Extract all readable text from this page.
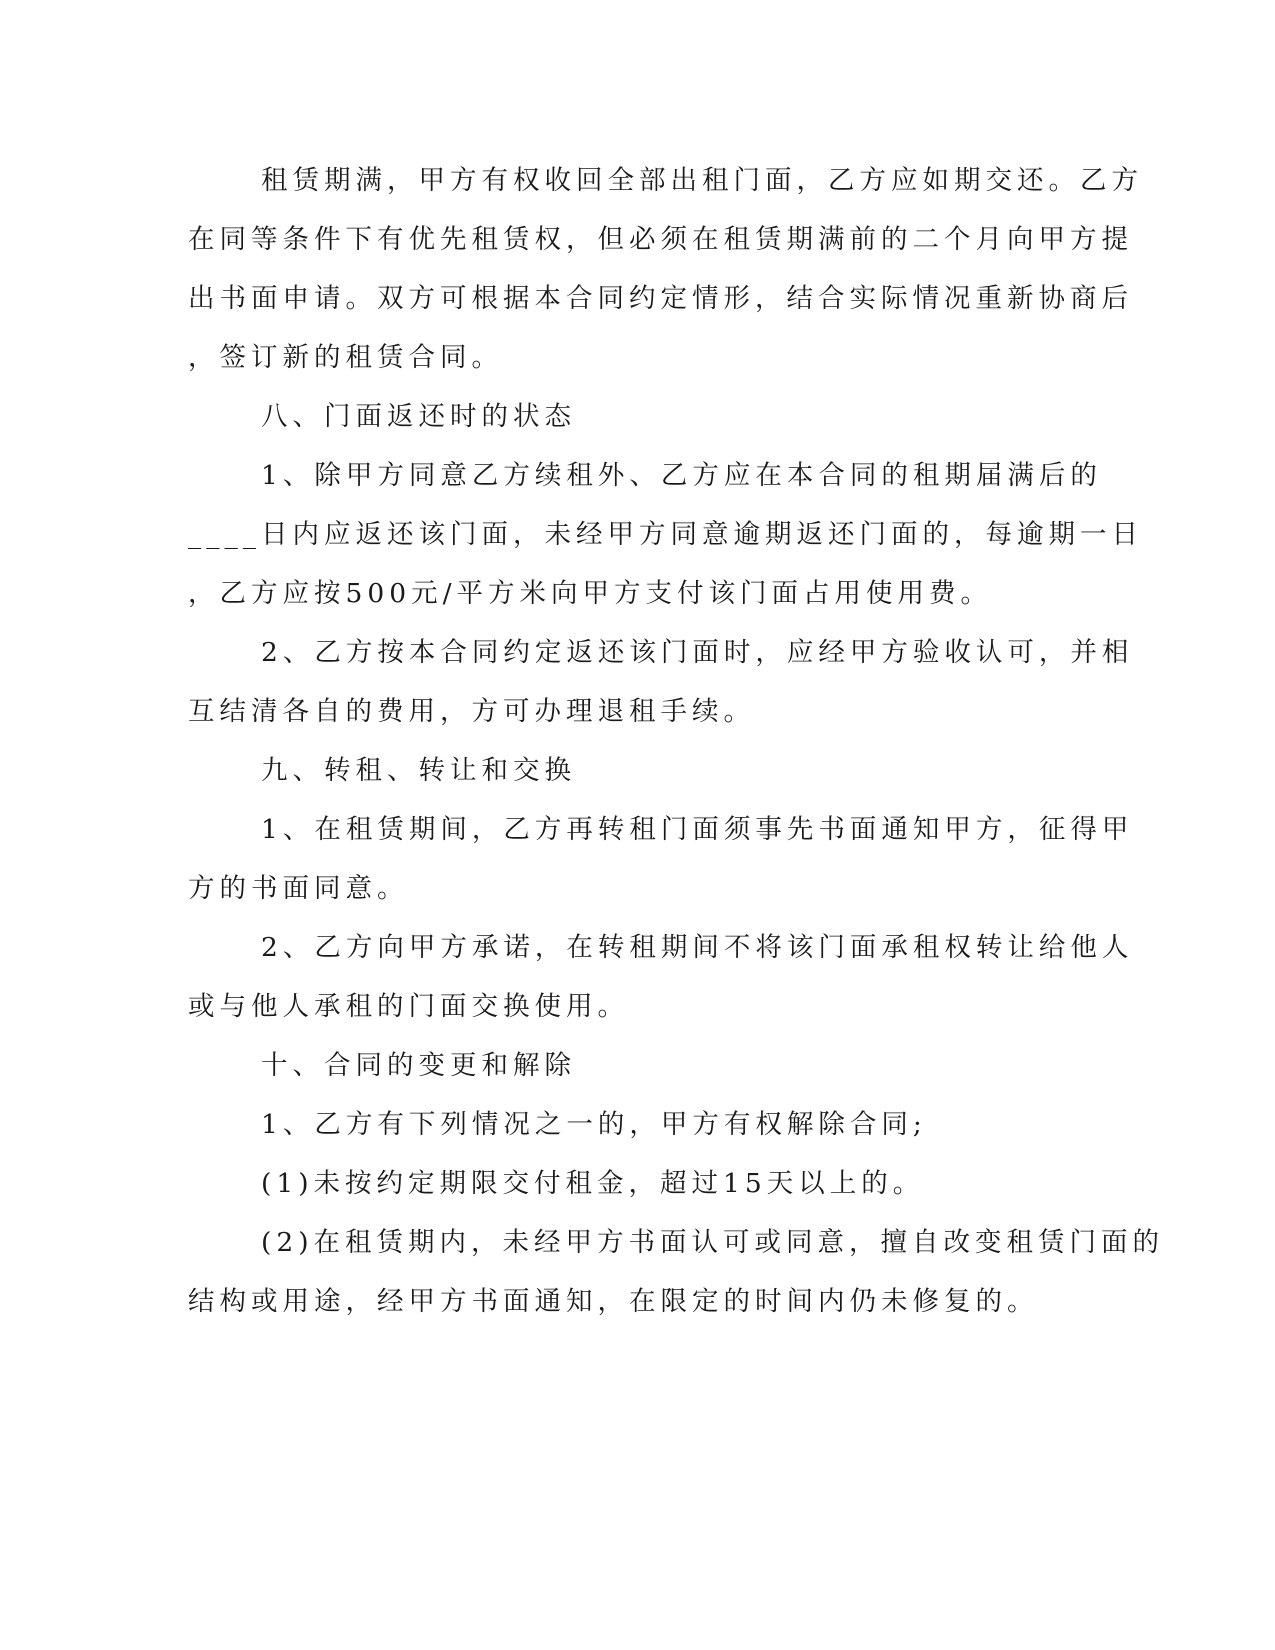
租赁期满，甲方有权收回全部出租门面，乙方应如期交还。乙方
在同等条件下有优先租赁权，但必须在租赁期满前的二个月向甲方提
出书面申请。双方可根据本合同约定情形，结合实际情况重新协商后
，签订新的租赁合同。
八、门面返还时的状态
1、除甲方同意乙方续租外、乙方应在本合同的租期届满后的
____日内应返还该门面，未经甲方同意逾期返还门面的，每逾期一日
，乙方应按500元/平方米向甲方支付该门面占用使用费。
2、乙方按本合同约定返还该门面时，应经甲方验收认可，并相
互结清各自的费用，方可办理退租手续。
九、转租、转让和交换
1、在租赁期间，乙方再转租门面须事先书面通知甲方，征得甲
方的书面同意。
2、乙方向甲方承诺，在转租期间不将该门面承租权转让给他人
或与他人承租的门面交换使用。
十、合同的变更和解除
1、乙方有下列情况之一的，甲方有权解除合同;
(1)未按约定期限交付租金，超过15天以上的。
(2)在租赁期内，未经甲方书面认可或同意，擅自改变租赁门面的
结构或用途，经甲方书面通知，在限定的时间内仍未修复的。
